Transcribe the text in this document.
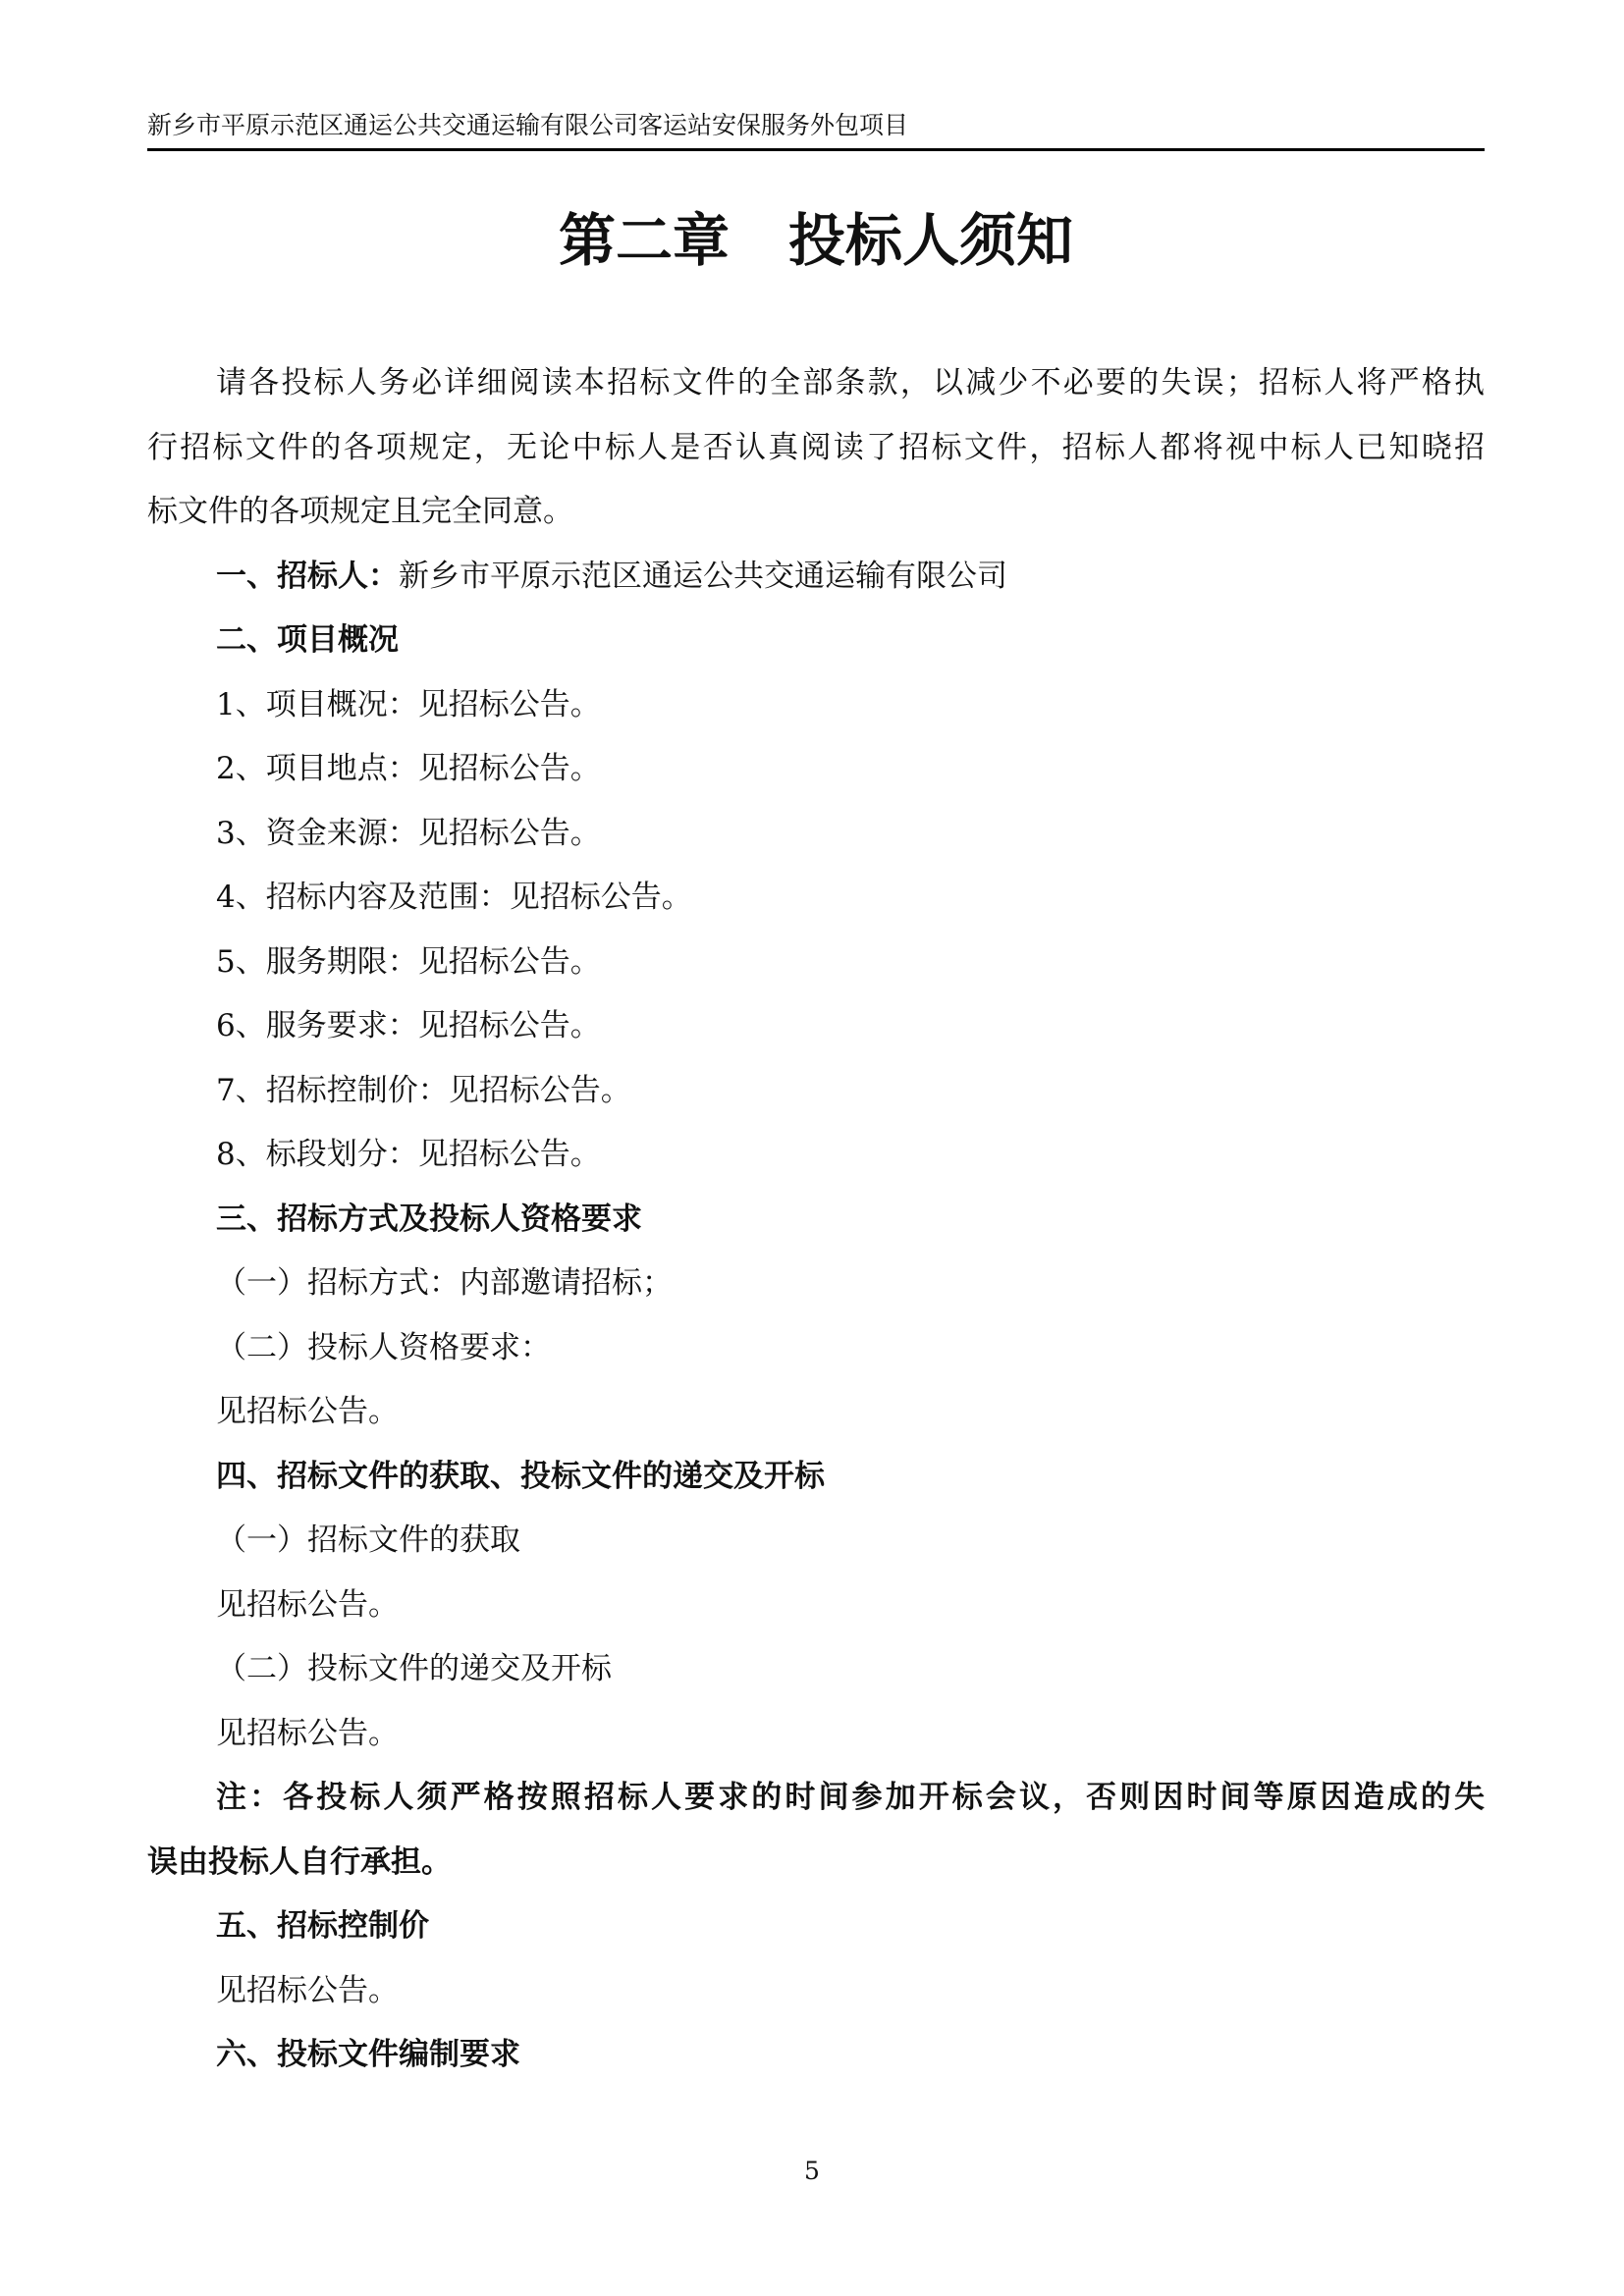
新乡市平原示范区通运公共交通运输有限公司客运站安保服务外包项目
第二章 投标人须知
请各投标人务必详细阅读本招标文件的全部条款，以减少不必要的失误；招标人将严格执
行招标文件的各项规定，无论中标人是否认真阅读了招标文件，招标人都将视中标人已知晓招
标文件的各项规定且完全同意。
一、招标人：新乡市平原示范区通运公共交通运输有限公司
二、项目概况
1、项目概况：见招标公告。
2、项目地点：见招标公告。
3、资金来源：见招标公告。
4、招标内容及范围：见招标公告。
5、服务期限：见招标公告。
6、服务要求：见招标公告。
7、招标控制价：见招标公告。
8、标段划分：见招标公告。
三、招标方式及投标人资格要求
（一）招标方式：内部邀请招标；
（二）投标人资格要求：
见招标公告。
四、招标文件的获取、投标文件的递交及开标
（一）招标文件的获取
见招标公告。
（二）投标文件的递交及开标
见招标公告。
注：各投标人须严格按照招标人要求的时间参加开标会议，否则因时间等原因造成的失
误由投标人自行承担。
五、招标控制价
见招标公告。
六、投标文件编制要求
5
